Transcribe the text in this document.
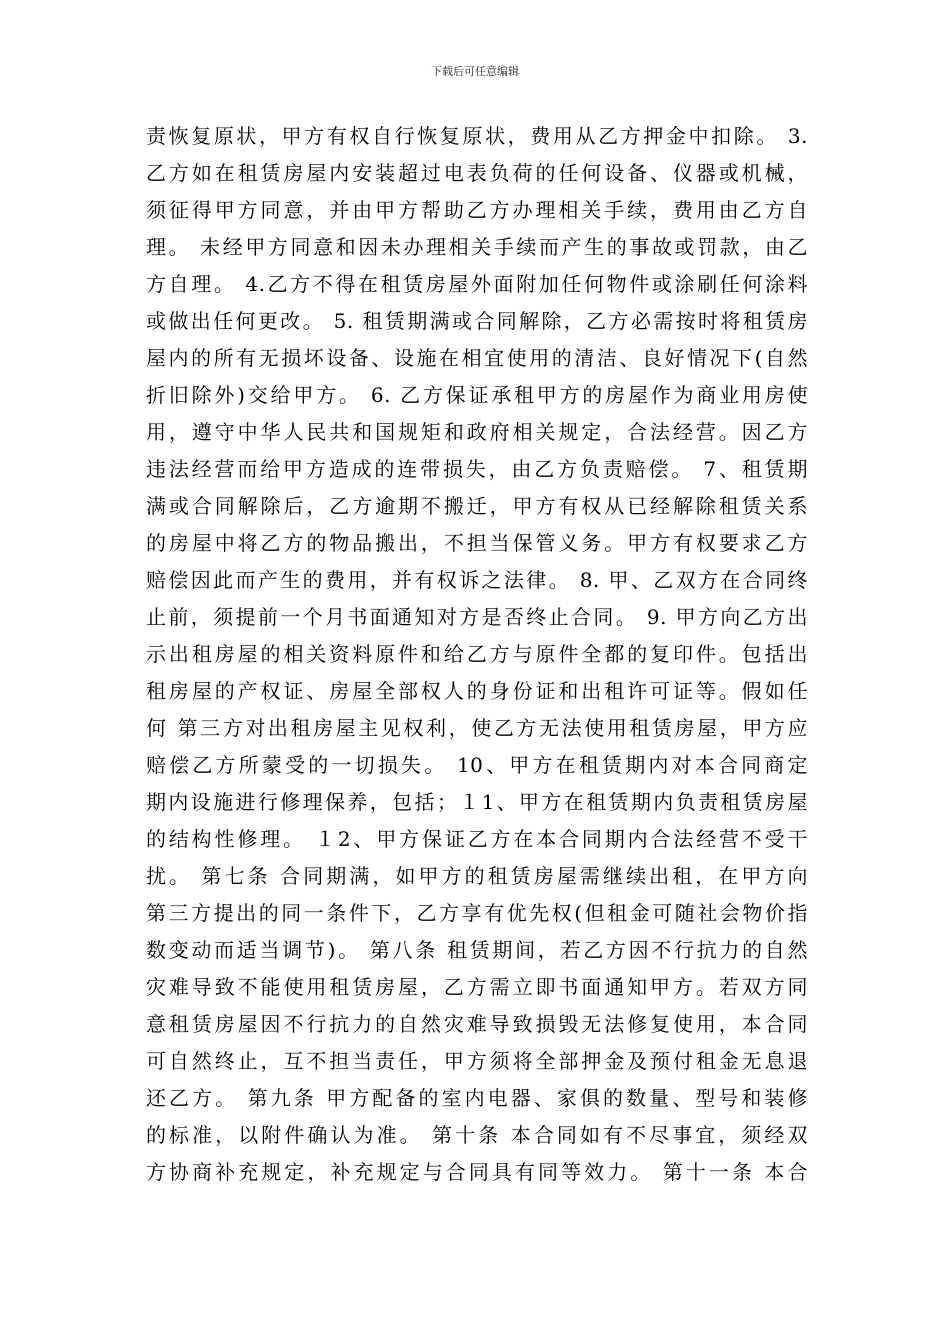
下载后可任意编辑
责恢复原状，甲方有权自行恢复原状，费用从乙方押金中扣除。 3.
乙方如在租赁房屋内安装超过电表负荷的任何设备、仪器或机械，
须征得甲方同意，并由甲方帮助乙方办理相关手续，费用由乙方自
理。 未经甲方同意和因未办理相关手续而产生的事故或罚款，由乙
方自理。 4.乙方不得在租赁房屋外面附加任何物件或涂刷任何涂料
或做出任何更改。 5. 租赁期满或合同解除，乙方必需按时将租赁房
屋内的所有无损坏设备、设施在相宜使用的清洁、良好情况下(自然
折旧除外)交给甲方。 6. 乙方保证承租甲方的房屋作为商业用房使
用，遵守中华人民共和国规矩和政府相关规定，合法经营。因乙方
违法经营而给甲方造成的连带损失，由乙方负责赔偿。 7、租赁期
满或合同解除后，乙方逾期不搬迁，甲方有权从已经解除租赁关系
的房屋中将乙方的物品搬出，不担当保管义务。甲方有权要求乙方
赔偿因此而产生的费用，并有权诉之法律。 8. 甲、乙双方在合同终
止前，须提前一个月书面通知对方是否终止合同。 9. 甲方向乙方出
示出租房屋的相关资料原件和给乙方与原件全都的复印件。包括出
租房屋的产权证、房屋全部权人的身份证和出租许可证等。假如任
何 第三方对出租房屋主见权利，使乙方无法使用租赁房屋，甲方应
赔偿乙方所蒙受的一切损失。 10、甲方在租赁期内对本合同商定
期内设施进行修理保养，包括；１1、甲方在租赁期内负责租赁房屋
的结构性修理。 １2、甲方保证乙方在本合同期内合法经营不受干
扰。 第七条 合同期满，如甲方的租赁房屋需继续出租，在甲方向
第三方提出的同一条件下，乙方享有优先权(但租金可随社会物价指
数变动而适当调节)。 第八条 租赁期间，若乙方因不行抗力的自然
灾难导致不能使用租赁房屋，乙方需立即书面通知甲方。若双方同
意租赁房屋因不行抗力的自然灾难导致损毁无法修复使用，本合同
可自然终止，互不担当责任，甲方须将全部押金及预付租金无息退
还乙方。 第九条 甲方配备的室内电器、家俱的数量、型号和装修
的标准，以附件确认为准。 第十条 本合同如有不尽事宜，须经双
方协商补充规定，补充规定与合同具有同等效力。 第十一条 本合
